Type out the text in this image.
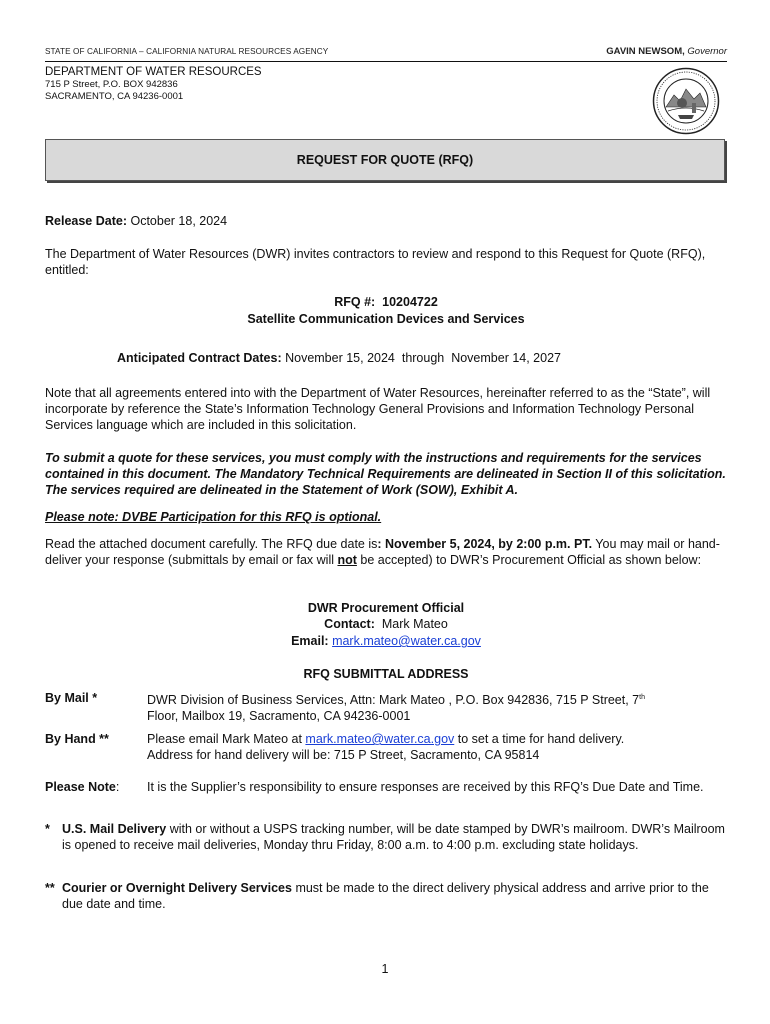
STATE OF CALIFORNIA – CALIFORNIA NATURAL RESOURCES AGENCY	GAVIN NEWSOM, Governor
DEPARTMENT OF WATER RESOURCES
715 P Street, P.O. BOX 942836
SACRAMENTO, CA 94236-0001
REQUEST FOR QUOTE (RFQ)
Release Date: October 18, 2024
The Department of Water Resources (DWR) invites contractors to review and respond to this Request for Quote (RFQ), entitled:
RFQ #: 10204722
Satellite Communication Devices and Services
Anticipated Contract Dates: November 15, 2024 through November 14, 2027
Note that all agreements entered into with the Department of Water Resources, hereinafter referred to as the “State”, will incorporate by reference the State’s Information Technology General Provisions and Information Technology Personal Services language which are included in this solicitation.
To submit a quote for these services, you must comply with the instructions and requirements for the services contained in this document. The Mandatory Technical Requirements are delineated in Section II of this solicitation. The services required are delineated in the Statement of Work (SOW), Exhibit A.
Please note: DVBE Participation for this RFQ is optional.
Read the attached document carefully. The RFQ due date is: November 5, 2024, by 2:00 p.m. PT. You may mail or hand-deliver your response (submittals by email or fax will not be accepted) to DWR’s Procurement Official as shown below:
DWR Procurement Official
Contact: Mark Mateo
Email: mark.mateo@water.ca.gov
RFQ SUBMITTAL ADDRESS
By Mail *	DWR Division of Business Services, Attn: Mark Mateo , P.O. Box 942836, 715 P Street, 7th
Floor, Mailbox 19, Sacramento, CA 94236-0001
By Hand **	Please email Mark Mateo at mark.mateo@water.ca.gov to set a time for hand delivery.
Address for hand delivery will be: 715 P Street, Sacramento, CA 95814
Please Note: It is the Supplier’s responsibility to ensure responses are received by this RFQ’s Due Date and Time.
* U.S. Mail Delivery with or without a USPS tracking number, will be date stamped by DWR’s mailroom. DWR’s Mailroom is opened to receive mail deliveries, Monday thru Friday, 8:00 a.m. to 4:00 p.m. excluding state holidays.
** Courier or Overnight Delivery Services must be made to the direct delivery physical address and arrive prior to the due date and time.
1
